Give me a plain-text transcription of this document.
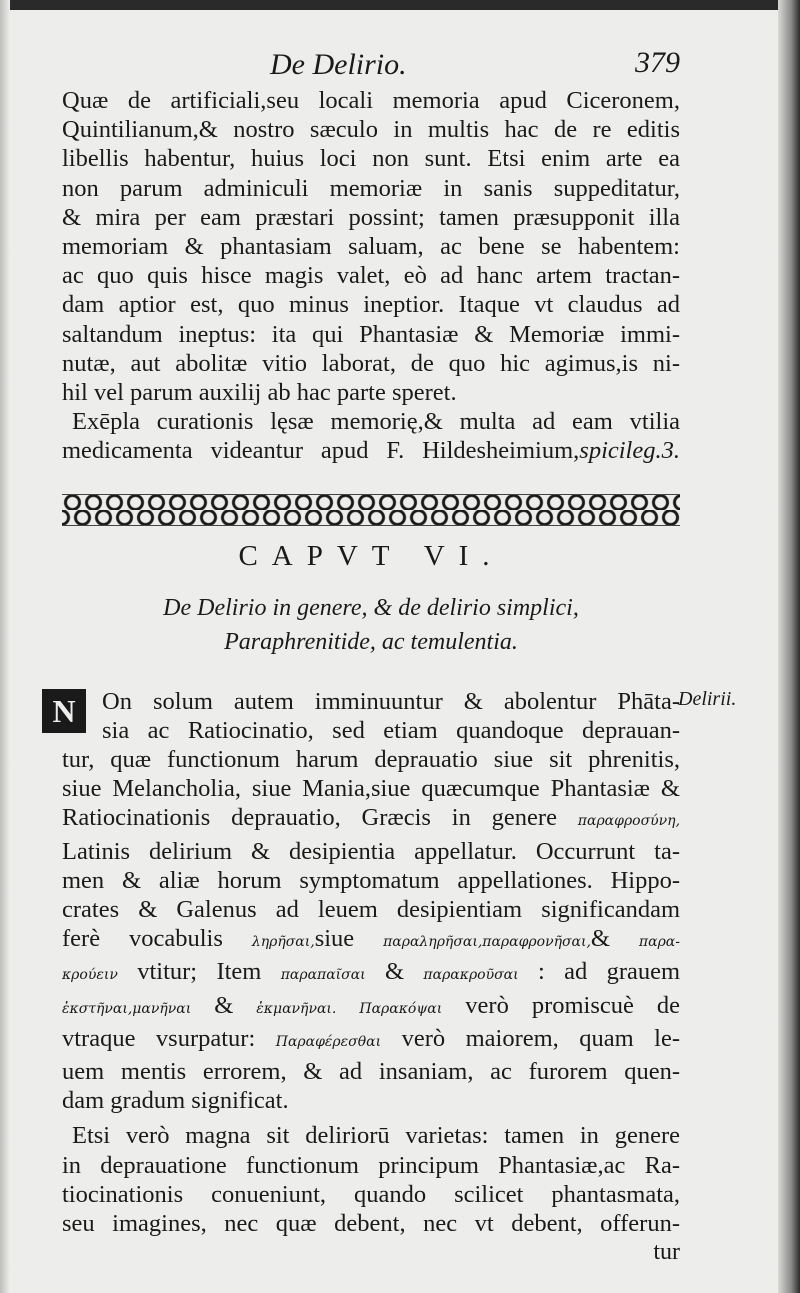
De Delirio.	379
Quæ de artificiali,seu locali memoria apud Ciceronem,
Quintilianum,& nostro sæculo in multis hac de re editis
libellis habentur, huius loci non sunt. Etsi enim arte ea
non parum adminiculi memoriæ in sanis suppeditatur,
& mira per eam præstari possint; tamen præsupponit illa
memoriam & phantasiam saluam, ac bene se habentem:
ac quo quis hisce magis valet, eò ad hanc artem tractan-
dam aptior est, quo minus ineptior. Itaque vt claudus ad
saltandum ineptus: ita qui Phantasiæ & Memoriæ immi-
nutæ, aut abolitæ vitio laborat, de quo hic agimus,is ni-
hil vel parum auxilij ab hac parte speret.
Exēpla curationis lęsæ memorię,& multa ad eam vtilia
medicamenta videantur apud F. Hildesheimium,spicileg.3.
CAPVT VI.
De Delirio in genere, & de delirio simplici,
Paraphrenitide, ac temulentia.
N	On solum autem imminuuntur & abolentur Phāta-
sia ac Ratiocinatio, sed etiam quandoque deprauan-
tur, quæ functionum harum deprauatio siue sit phrenitis,
siue Melancholia, siue Mania,siue quæcumque Phantasiæ &
Ratiocinationis deprauatio, Græcis in genere παραφροσύνη,
Latinis delirium & desipientia appellatur. Occurrunt ta-
men & aliæ horum symptomatum appellationes. Hippo-
crates & Galenus ad leuem desipientiam significandam
ferè vocabulis ληρῆσαι,siue παραληρῆσαι,παραφρονῆσαι,& παρα-
κρούειν vtitur; Item παραπαῖσαι & παρακροῦσαι : ad grauem
ἐκστῆναι,μανῆναι & ἐκμανῆναι. Παρακόψαι verò promiscuè de
vtraque vsurpatur: Παραφέρεσθαι verò maiorem, quam le-
uem mentis errorem, & ad insaniam, ac furorem quen-
dam gradum significat.
Etsi verò magna sit deliriorū varietas: tamen in genere
in deprauatione functionum principum Phantasiæ,ac Ra-
tiocinationis conueniunt, quando scilicet phantasmata,
seu imagines, nec quæ debent, nec vt debent, offerun-
tur
Delirii.
